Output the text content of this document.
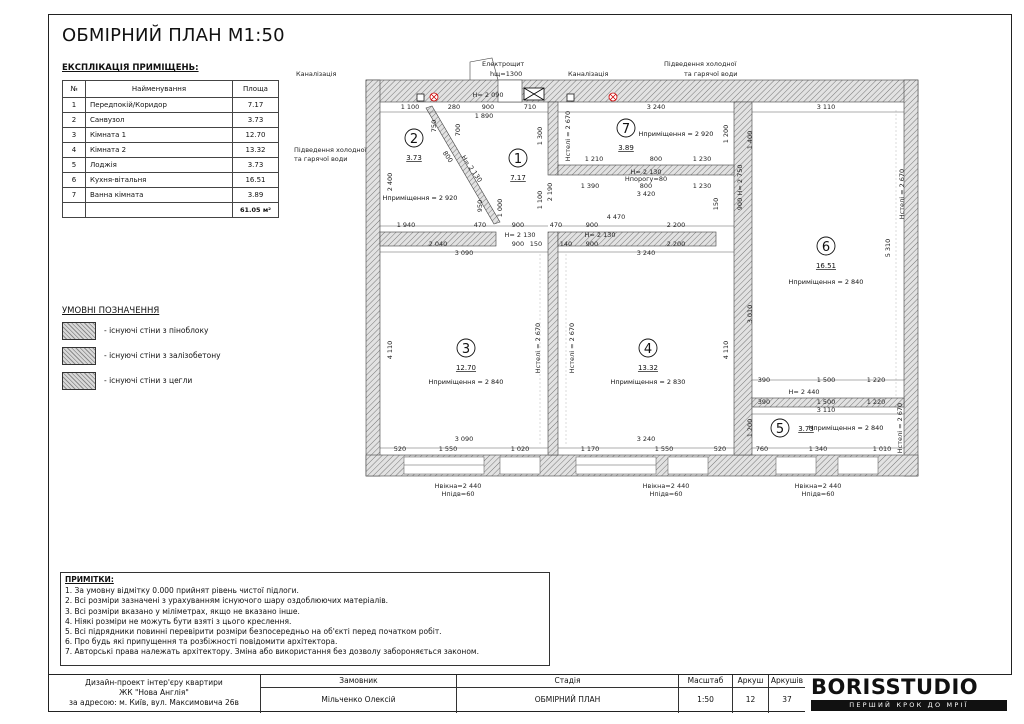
ОБМІРНИЙ ПЛАН М1:50
ЕКСПЛІКАЦІЯ ПРИМІЩЕНЬ:
№	Найменування	Площа
1	Передпокій/Коридор	7.17
2	Санвузол	3.73
3	Кімната 1	12.70
4	Кімната 2	13.32
5	Лоджія	3.73
6	Кухня-вітальня	16.51
7	Ванна кімната	3.89
		61.05 м²
УМОВНІ ПОЗНАЧЕННЯ
- існуючі стіни з піноблоку
- існуючі стіни з залізобетону
- існуючі стіни з цегли
Каналізація	Каналізація
Електрощит
hщ=1300
Підведення холодної
та гарячої води
Підведення холодної
та гарячої води
2
3.73
Hприміщення = 2 920
1
7.17
3
12.70
Hприміщення = 2 840
4
13.32
Hприміщення = 2 830
5 3.73
Hприміщення = 2 840
6
16.51
Hприміщення = 2 840
7
3.89
Hприміщення = 2 920
1 100	280	900	710	3 240	3 110
1 890
H= 2 090
1 210	800	1 230
H= 2 130
Hпорогу=80
1 390	800	1 230
3 420
4 470
900	2 200
1 940	900
470	470
2 040	900 150	140 900	2 200
3 090	3 240
H= 2 130	H= 2 130
3 090	3 240
520	1 550	1 020	1 170	1 550	520
390	1 500	1 220
H= 2 440
390	1 500	1 220
3 110
760	1 340	1 010
Hвікна=2 440
Hпідв=60
Hвікна=2 440
Hпідв=60
Hвікна=2 440
Hпідв=60
2 400
4 110	4 110
5 310
3 010
1 400
1 200
1 200
750 700	1 300
1 100
1 000
950	900
150
2 190	H= 2 750
Hстелі = 2 670
Hстелі = 2 670
Hстелі = 2 670	Hстелі = 2 670
Hстелі = 2 670
H= 2 130
800
ПРИМІТКИ:
1. За умовну відмітку 0.000 прийнят рівень чистої підлоги.
2. Всі розміри зазначені з урахуванням існуючого шару оздоблюючих матеріалів.
3. Всі розміри вказано у міліметрах, якщо не вказано інше.
4. Ніякі розміри не можуть бути взяті з цього креслення.
5. Всі підрядники повинні перевірити розміри безпосередньо на об'єкті перед початком робіт.
6. Про будь які припущення та розбіжності повідомити архітектора.
7. Авторські права належать архітектору. Зміна або використання без дозволу забороняється законом.
Дизайн-проект інтер'єру квартири
ЖК "Нова Англія"
за адресою: м. Київ, вул. Максимовича 26в
Замовник
Мільченко Олексій
Стадія
ОБМІРНИЙ ПЛАН
Масштаб
1:50
Аркуш
12
Аркушів
37
BORISSTUDIO
ПЕРШИЙ КРОК ДО МРІЇ
